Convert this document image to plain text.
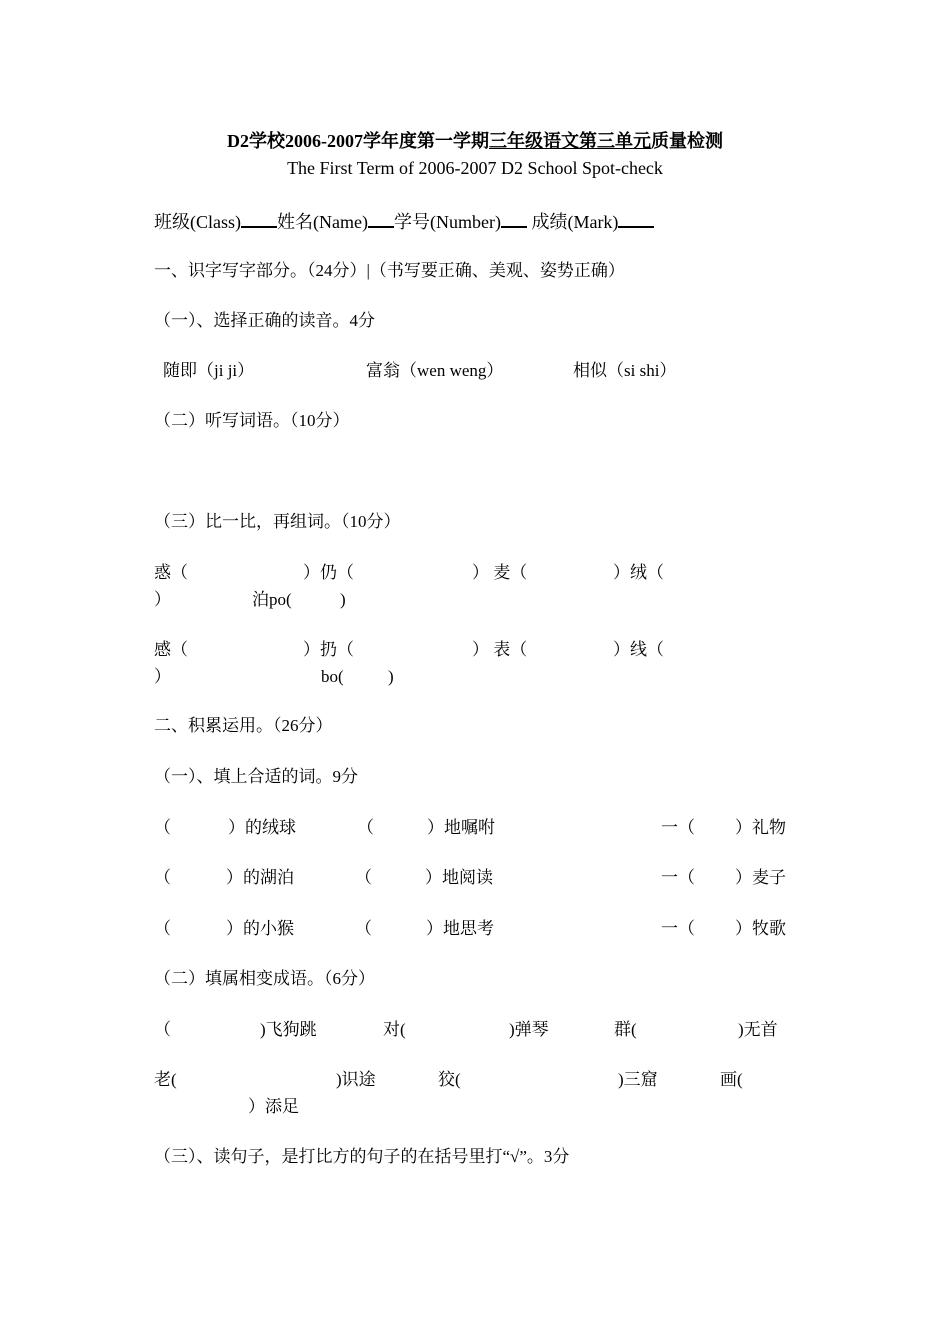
D2学校2006-2007学年度第一学期三年级语文第三单元质量检测
The First Term of 2006-2007 D2 School Spot-check
班级(Class) 姓名(Name) 学号(Number) 成绩(Mark)
一、识字写字部分。（24分）|（书写要正确、美观、姿势正确）
（一）、选择正确的读音。4分
随即（ji ji）	富翁（wen weng）	相似（si shi）
（二）听写词语。（10分）
（三）比一比，再组词。（10分）
惑（	）仍（	） 麦（	）绒（
）	泊po(	)
感（	）扔（	） 表（	）线（
）	bo(	)
二、积累运用。（26分）
（一）、填上合适的词。9分
（	）的绒球	（	）地嘱咐	一（ ）礼物
（	）的湖泊	（	）地阅读	一（ ）麦子
（	）的小猴	（	）地思考	一（ ）牧歌
（二）填属相变成语。（6分）
（	)飞狗跳	对(	)弹琴	群(	)无首
老(	)识途	狡(	)三窟	画(
）添足
（三）、读句子，是打比方的句子的在括号里打“√”。3分
